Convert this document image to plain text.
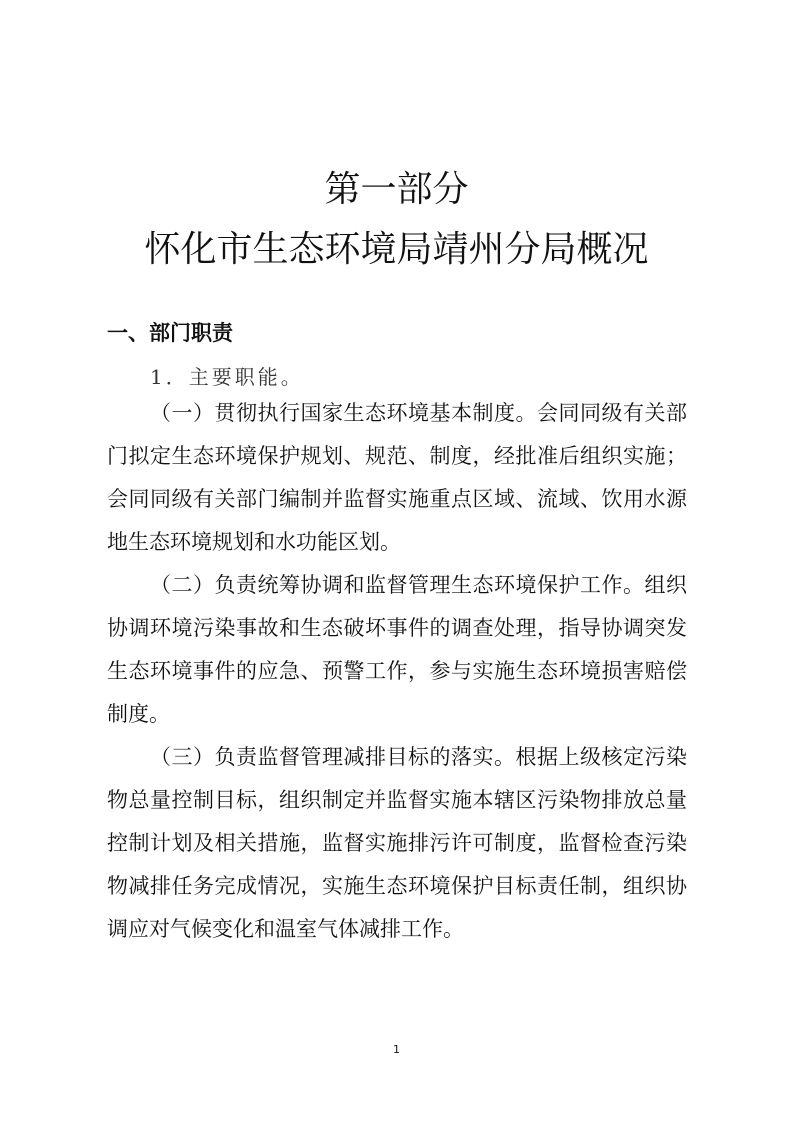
第一部分
怀化市生态环境局靖州分局概况
一、部门职责
1．主要职能。
（一）贯彻执行国家生态环境基本制度。会同同级有关部
门拟定生态环境保护规划、规范、制度，经批准后组织实施；
会同同级有关部门编制并监督实施重点区域、流域、饮用水源
地生态环境规划和水功能区划。
（二）负责统筹协调和监督管理生态环境保护工作。组织
协调环境污染事故和生态破坏事件的调查处理，指导协调突发
生态环境事件的应急、预警工作，参与实施生态环境损害赔偿
制度。
（三）负责监督管理减排目标的落实。根据上级核定污染
物总量控制目标，组织制定并监督实施本辖区污染物排放总量
控制计划及相关措施，监督实施排污许可制度，监督检查污染
物减排任务完成情况，实施生态环境保护目标责任制，组织协
调应对气候变化和温室气体减排工作。
1
